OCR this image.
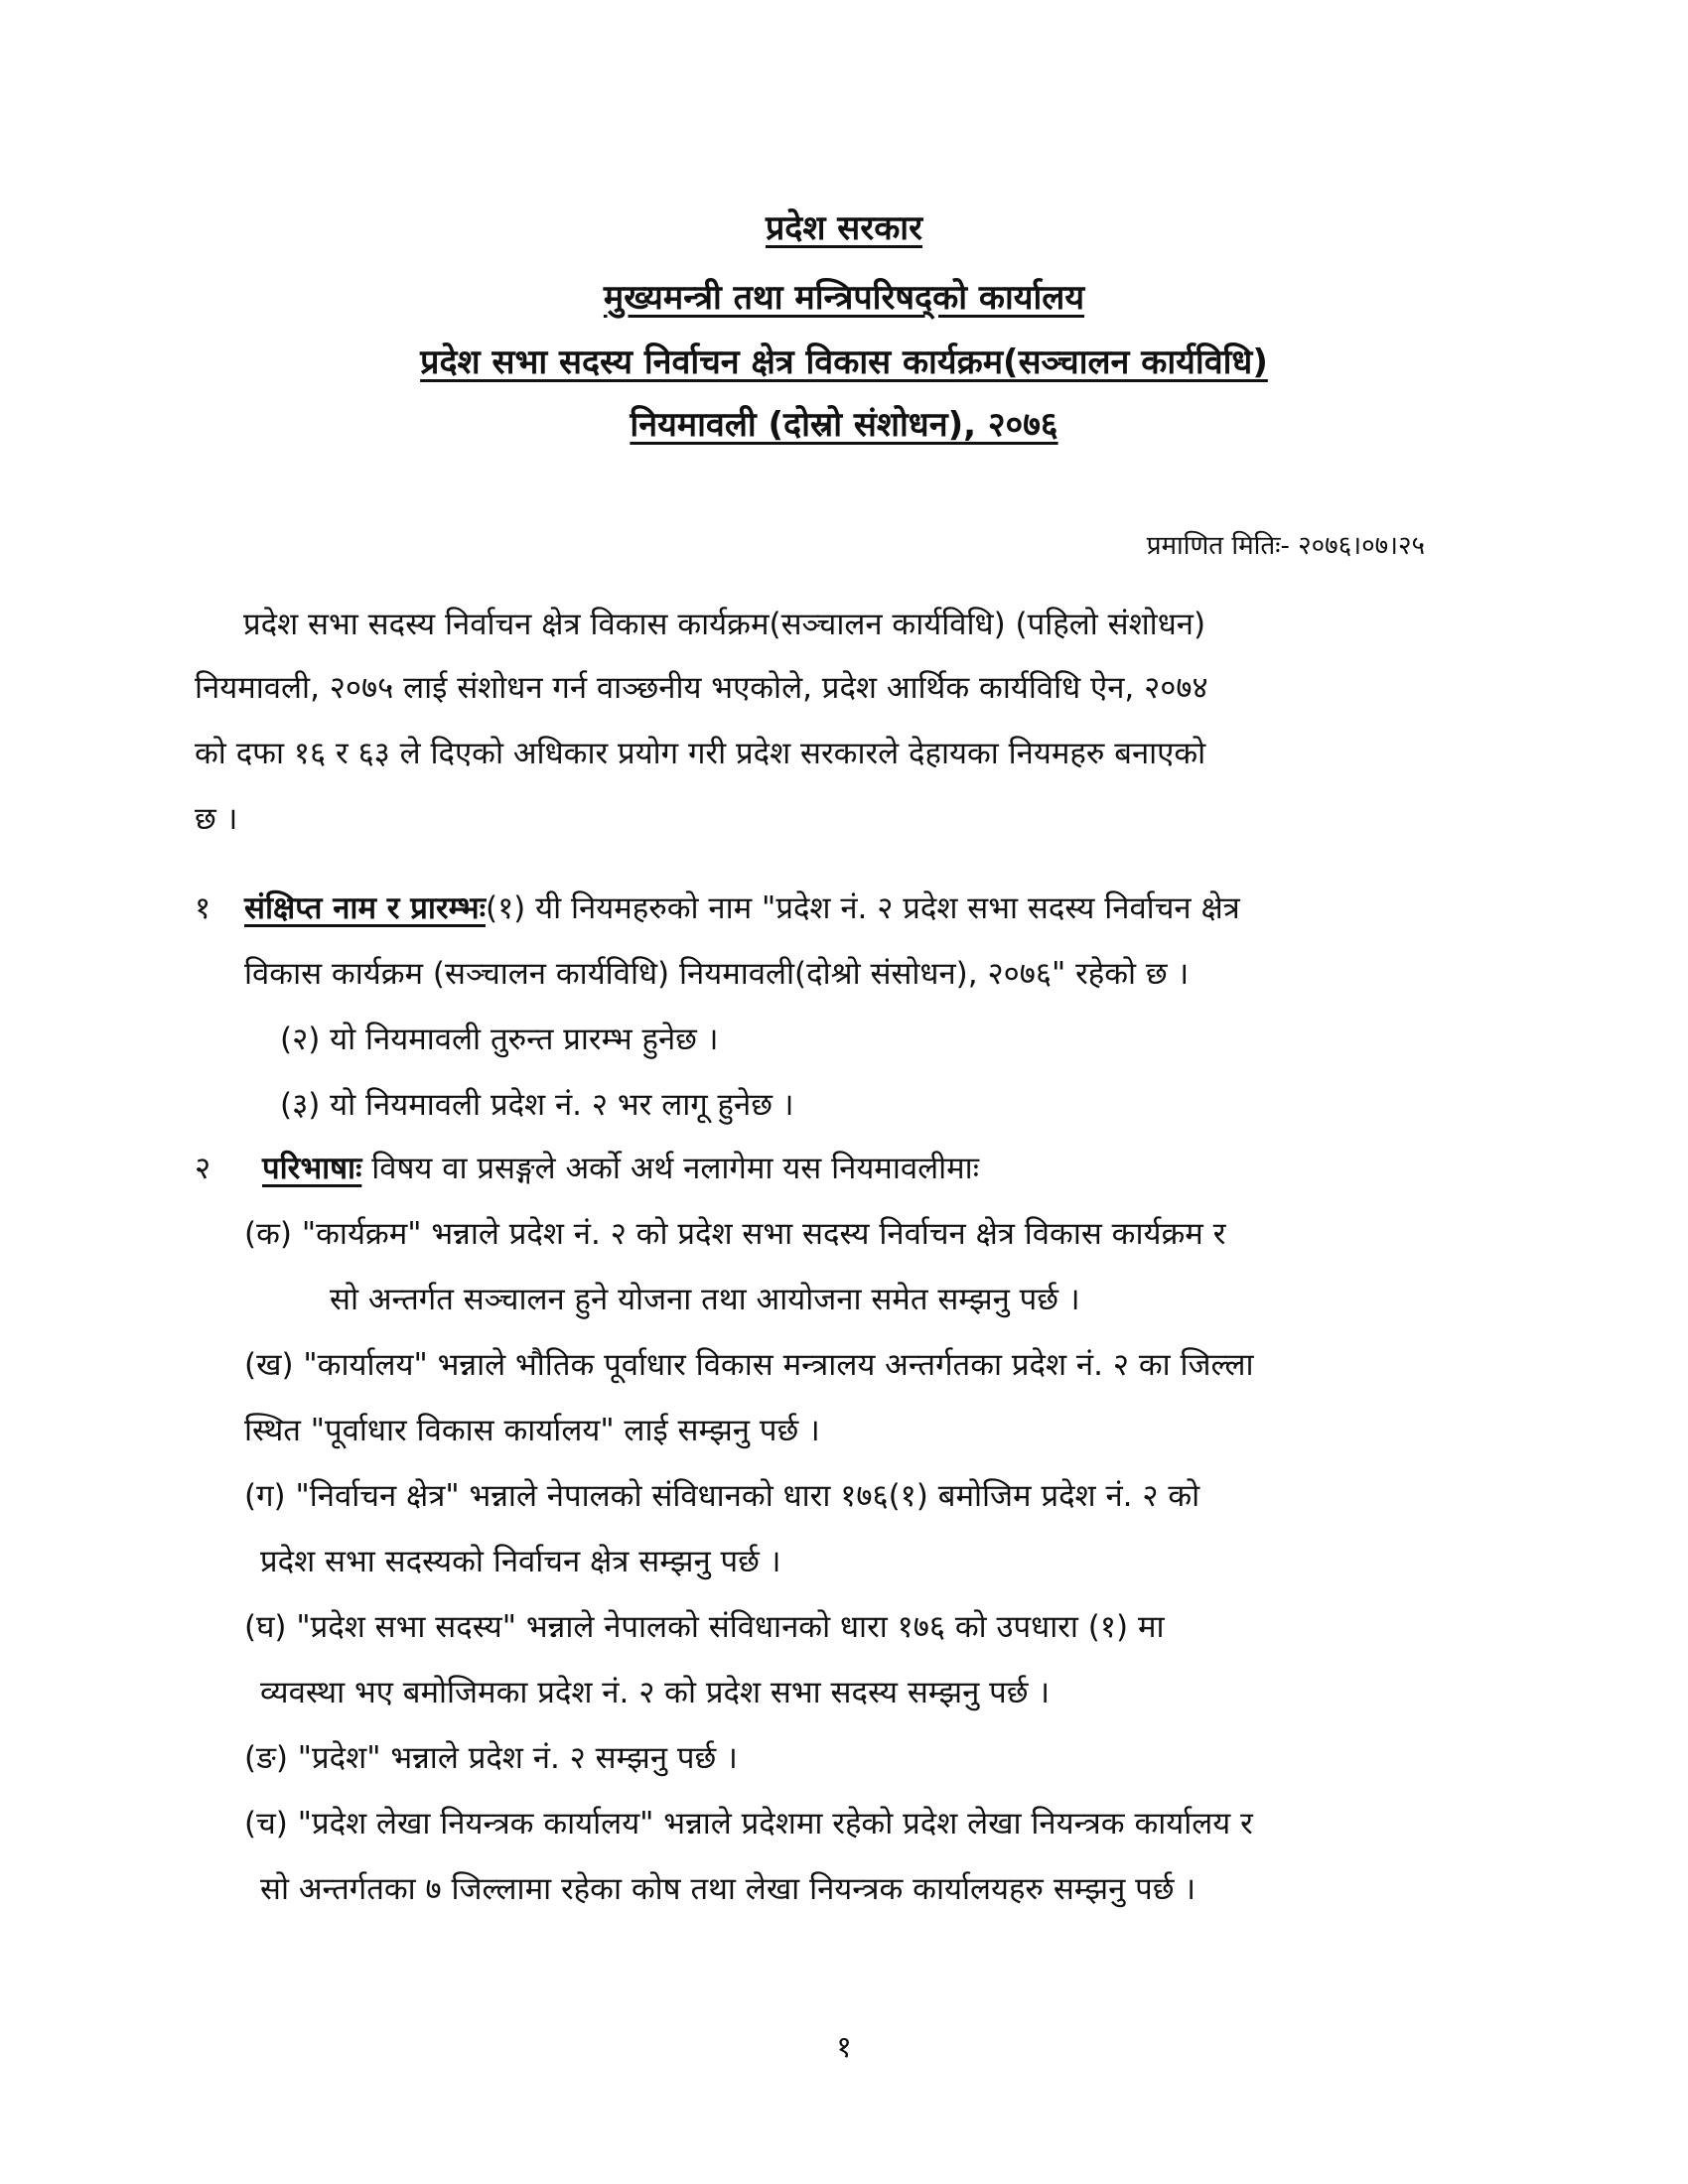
प्रदेश सरकार
मुख्यमन्त्री तथा मन्त्रिपरिषद्को कार्यालय
प्रदेश सभा सदस्य निर्वाचन क्षेत्र विकास कार्यक्रम(सञ्चालन कार्यविधि)
नियमावली (दोस्रो संशोधन), २०७६
प्रमाणित मितिः- २०७६।०७।२५
प्रदेश सभा सदस्य निर्वाचन क्षेत्र विकास कार्यक्रम(सञ्चालन कार्यविधि) (पहिलो संशोधन)
नियमावली, २०७५ लाई संशोधन गर्न वाञ्छनीय भएकोले, प्रदेश आर्थिक कार्यविधि ऐन, २०७४
को दफा १६ र ६३ ले दिएको अधिकार प्रयोग गरी प्रदेश सरकारले देहायका नियमहरु बनाएको
छ ।
१ संक्षिप्त नाम र प्रारम्भः(१) यी नियमहरुको नाम "प्रदेश नं. २ प्रदेश सभा सदस्य निर्वाचन क्षेत्र
विकास कार्यक्रम (सञ्चालन कार्यविधि) नियमावली(दोश्रो संसोधन), २०७६" रहेको छ ।
(२) यो नियमावली तुरुन्त प्रारम्भ हुनेछ ।
(३) यो नियमावली प्रदेश नं. २ भर लागू हुनेछ ।
२ परिभाषाः विषय वा प्रसङ्गले अर्को अर्थ नलागेमा यस नियमावलीमाः
(क) "कार्यक्रम" भन्नाले प्रदेश नं. २ को प्रदेश सभा सदस्य निर्वाचन क्षेत्र विकास कार्यक्रम र
सो अन्तर्गत सञ्चालन हुने योजना तथा आयोजना समेत सम्झनु पर्छ ।
(ख) "कार्यालय" भन्नाले भौतिक पूर्वाधार विकास मन्त्रालय अन्तर्गतका प्रदेश नं. २ का जिल्ला
स्थित "पूर्वाधार विकास कार्यालय" लाई सम्झनु पर्छ ।
(ग) "निर्वाचन क्षेत्र" भन्नाले नेपालको संविधानको धारा १७६(१) बमोजिम प्रदेश नं. २ को
प्रदेश सभा सदस्यको निर्वाचन क्षेत्र सम्झनु पर्छ ।
(घ) "प्रदेश सभा सदस्य" भन्नाले नेपालको संविधानको धारा १७६ को उपधारा (१) मा
व्यवस्था भए बमोजिमका प्रदेश नं. २ को प्रदेश सभा सदस्य सम्झनु पर्छ ।
(ङ) "प्रदेश" भन्नाले प्रदेश नं. २ सम्झनु पर्छ ।
(च) "प्रदेश लेखा नियन्त्रक कार्यालय" भन्नाले प्रदेशमा रहेको प्रदेश लेखा नियन्त्रक कार्यालय र
सो अन्तर्गतका ७ जिल्लामा रहेका कोष तथा लेखा नियन्त्रक कार्यालयहरु सम्झनु पर्छ ।
१
